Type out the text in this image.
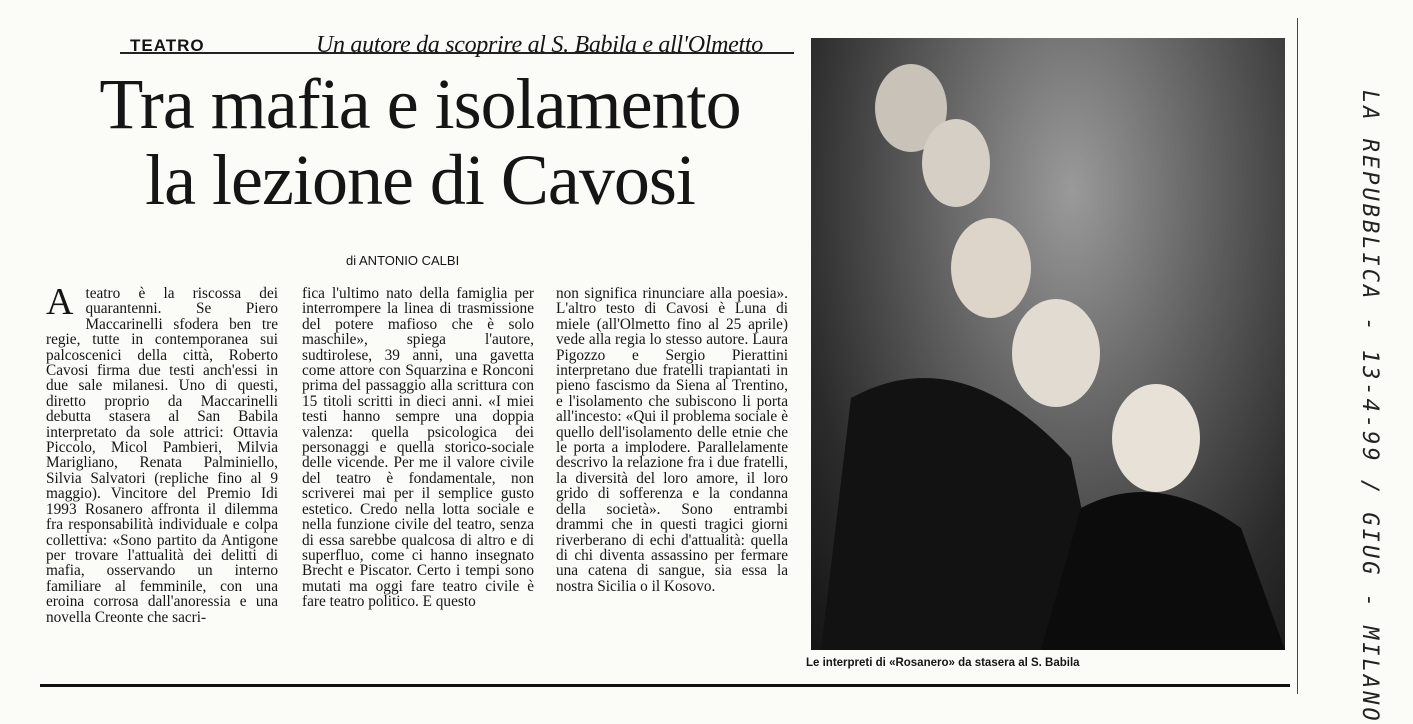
TEATRO	Un autore da scoprire al S. Babila e all'Olmetto
Tra mafia e isolamento
la lezione di Cavosi
di ANTONIO CALBI
A teatro è la riscossa dei quarantenni. Se Piero Maccarinelli sfodera ben tre regie, tutte in contemporanea sui palcoscenici della città, Roberto Cavosi firma due testi anch'essi in due sale milanesi. Uno di questi, diretto proprio da Maccarinelli debutta stasera al San Babila interpretato da sole attrici: Ottavia Piccolo, Micol Pambieri, Milvia Marigliano, Renata Palminiello, Silvia Salvatori (repliche fino al 9 maggio). Vincitore del Premio Idi 1993 Rosanero affronta il dilemma fra responsabilità individuale e colpa collettiva: «Sono partito da Antigone per trovare l'attualità dei delitti di mafia, osservando un interno familiare al femminile, con una eroina corrosa dall'anoressia e una novella Creonte che sacri-

fica l'ultimo nato della famiglia per interrompere la linea di trasmissione del potere mafioso che è solo maschile», spiega l'autore, sudtirolese, 39 anni, una gavetta come attore con Squarzina e Ronconi prima del passaggio alla scrittura con 15 titoli scritti in dieci anni. «I miei testi hanno sempre una doppia valenza: quella psicologica dei personaggi e quella storico-sociale delle vicende. Per me il valore civile del teatro è fondamentale, non scriverei mai per il semplice gusto estetico. Credo nella lotta sociale e nella funzione civile del teatro, senza di essa sarebbe qualcosa di altro e di superfluo, come ci hanno insegnato Brecht e Piscator. Certo i tempi sono mutati ma oggi fare teatro civile è fare teatro politico. E questo

non significa rinunciare alla poesia». L'altro testo di Cavosi è Luna di miele (all'Olmetto fino al 25 aprile) vede alla regia lo stesso autore. Laura Pigozzo e Sergio Pierattini interpretano due fratelli trapiantati in pieno fascismo da Siena al Trentino, e l'isolamento che subiscono li porta all'incesto: «Qui il problema sociale è quello dell'isolamento delle etnie che le porta a implodere. Parallelamente descrivo la relazione fra i due fratelli, la diversità del loro amore, il loro grido di sofferenza e la condanna della società». Sono entrambi drammi che in questi tragici giorni riverberano di echi d'attualità: quella di chi diventa assassino per fermare una catena di sangue, sia essa la nostra Sicilia o il Kosovo.

Le interpreti di «Rosanero» da stasera al S. Babila	LA REPUBBLICA - 13-4-99 / GIUG - MILANO
